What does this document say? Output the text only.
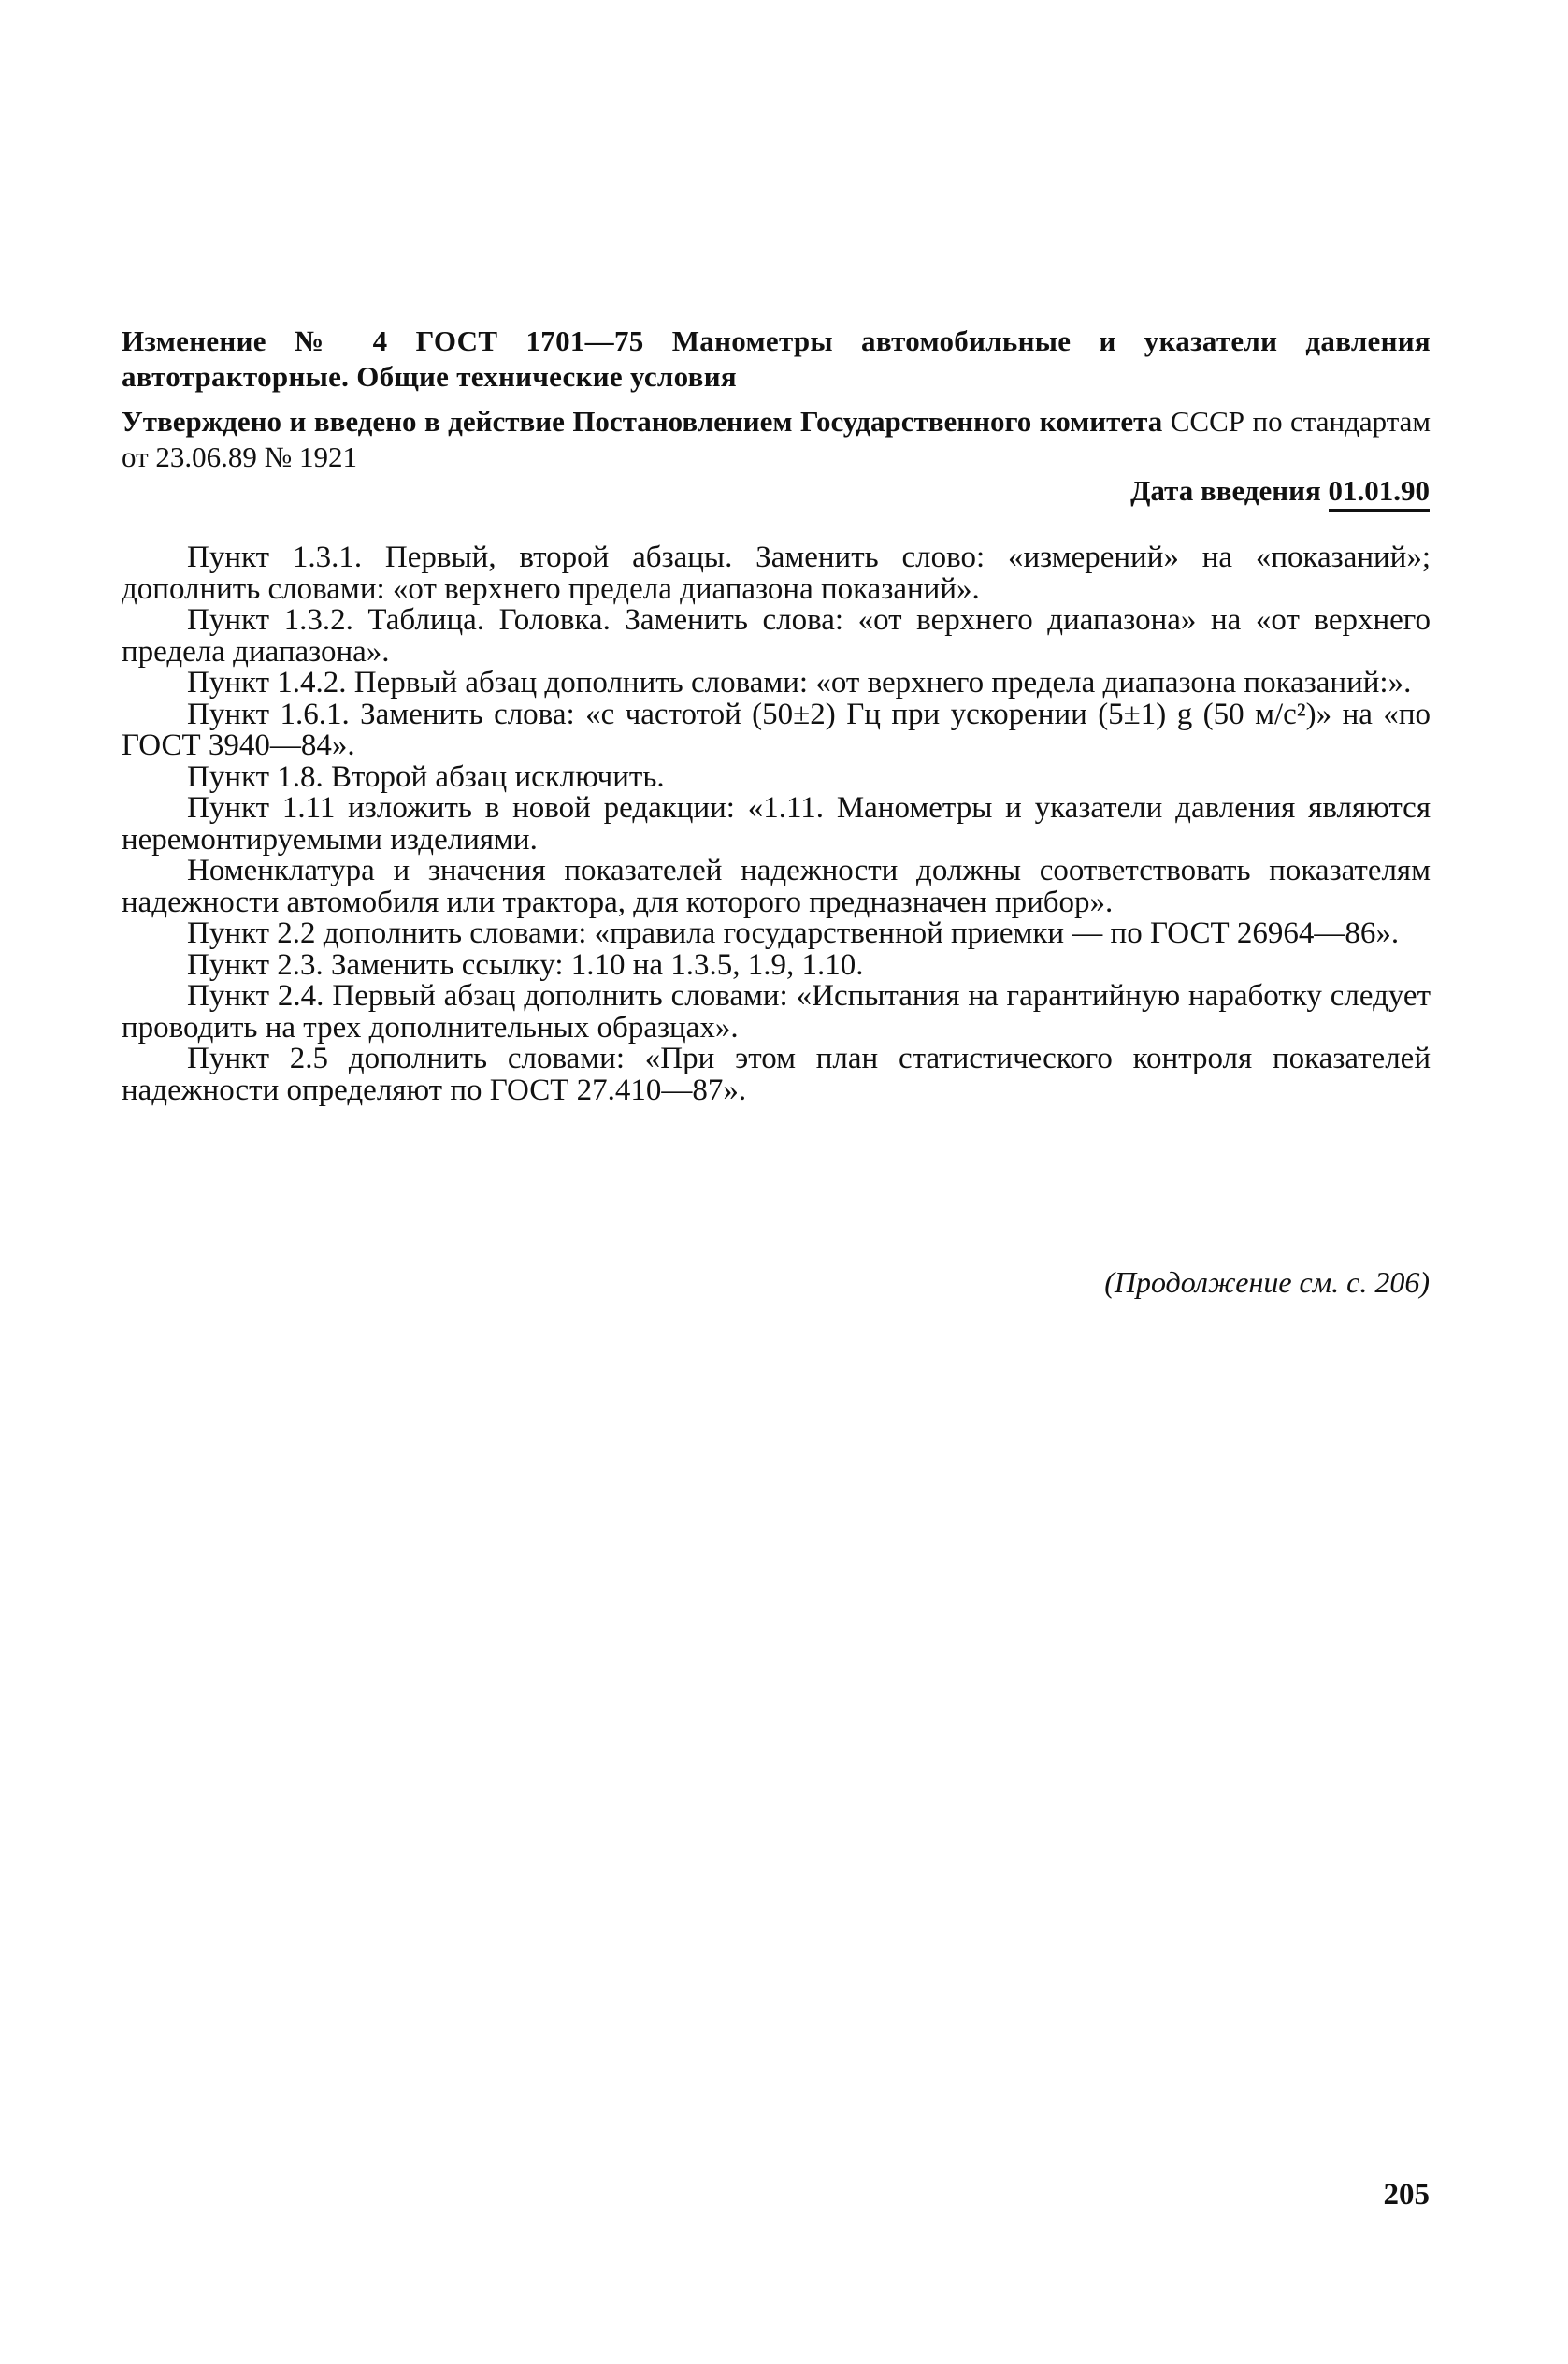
Изменение № 4 ГОСТ 1701—75 Манометры автомобильные и указатели давления автотракторные. Общие технические условия
Утверждено и введено в действие Постановлением Государственного комитета СССР по стандартам от 23.06.89 № 1921
Дата введения 01.01.90

Пункт 1.3.1. Первый, второй абзацы. Заменить слово: «измерений» на «показаний»; дополнить словами: «от верхнего предела диапазона показаний».

Пункт 1.3.2. Таблица. Головка. Заменить слова: «от верхнего диапазона» на «от верхнего предела диапазона».

Пункт 1.4.2. Первый абзац дополнить словами: «от верхнего предела диапазона показаний:».

Пункт 1.6.1. Заменить слова: «с частотой (50±2) Гц при ускорении (5±1) g (50 м/с²)» на «по ГОСТ 3940—84».

Пункт 1.8. Второй абзац исключить.

Пункт 1.11 изложить в новой редакции: «1.11. Манометры и указатели давления являются неремонтируемыми изделиями.

Номенклатура и значения показателей надежности должны соответствовать показателям надежности автомобиля или трактора, для которого предназначен прибор».

Пункт 2.2 дополнить словами: «правила государственной приемки — по ГОСТ 26964—86».

Пункт 2.3. Заменить ссылку: 1.10 на 1.3.5, 1.9, 1.10.

Пункт 2.4. Первый абзац дополнить словами: «Испытания на гарантийную наработку следует проводить на трех дополнительных образцах».

Пункт 2.5 дополнить словами: «При этом план статистического контроля показателей надежности определяют по ГОСТ 27.410—87».

(Продолжение см. с. 206)
205
